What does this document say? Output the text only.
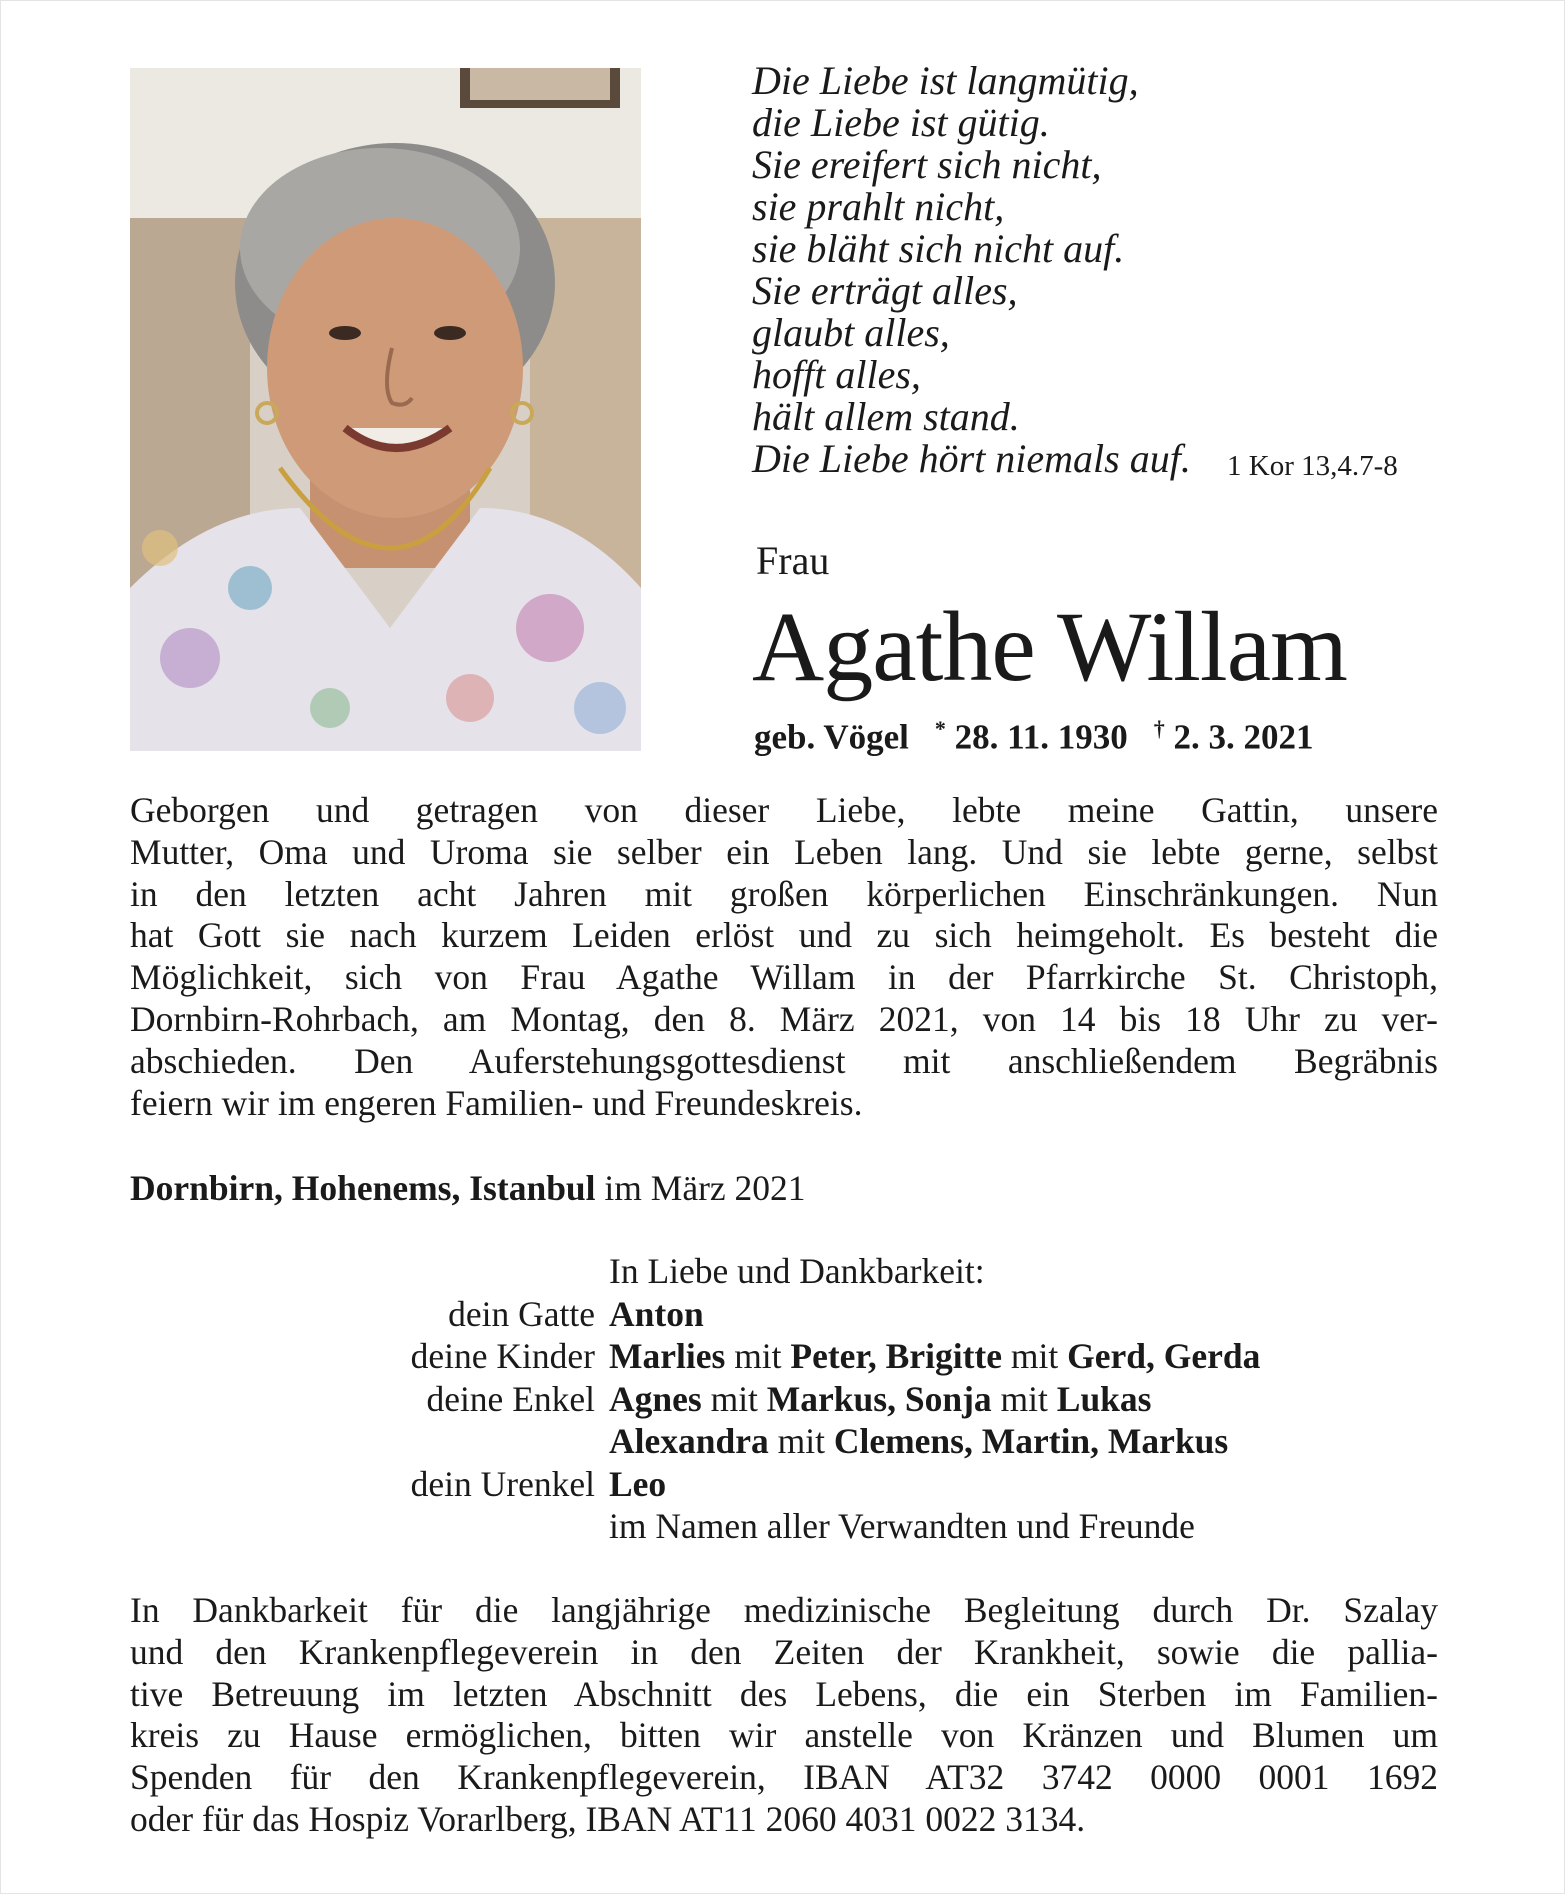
Die Liebe ist langmütig,
die Liebe ist gütig.
Sie ereifert sich nicht,
sie prahlt nicht,
sie bläht sich nicht auf.
Sie erträgt alles,
glaubt alles,
hofft alles,
hält allem stand.
Die Liebe hört niemals auf.	1 Kor 13,4.7-8
Frau
Agathe Willam
geb. Vögel * 28. 11. 1930 † 2. 3. 2021
Geborgen und getragen von dieser Liebe, lebte meine Gattin, unsere
Mutter, Oma und Uroma sie selber ein Leben lang. Und sie lebte gerne, selbst
in den letzten acht Jahren mit großen körperlichen Einschränkungen. Nun
hat Gott sie nach kurzem Leiden erlöst und zu sich heimgeholt. Es besteht die
Möglichkeit, sich von Frau Agathe Willam in der Pfarrkirche St. Christoph,
Dornbirn-Rohrbach, am Montag, den 8. März 2021, von 14 bis 18 Uhr zu ver-
abschieden. Den Auferstehungsgottesdienst mit anschließendem Begräbnis
feiern wir im engeren Familien- und Freundeskreis.
Dornbirn, Hohenems, Istanbul im März 2021
In Liebe und Dankbarkeit:
dein Gatte Anton
deine Kinder Marlies mit Peter, Brigitte mit Gerd, Gerda
deine Enkel Agnes mit Markus, Sonja mit Lukas
Alexandra mit Clemens, Martin, Markus
dein Urenkel Leo
im Namen aller Verwandten und Freunde
In Dankbarkeit für die langjährige medizinische Begleitung durch Dr. Szalay
und den Krankenpflegeverein in den Zeiten der Krankheit, sowie die pallia-
tive Betreuung im letzten Abschnitt des Lebens, die ein Sterben im Familien-
kreis zu Hause ermöglichen, bitten wir anstelle von Kränzen und Blumen um
Spenden für den Krankenpflegeverein, IBAN AT32 3742 0000 0001 1692
oder für das Hospiz Vorarlberg, IBAN AT11 2060 4031 0022 3134.
